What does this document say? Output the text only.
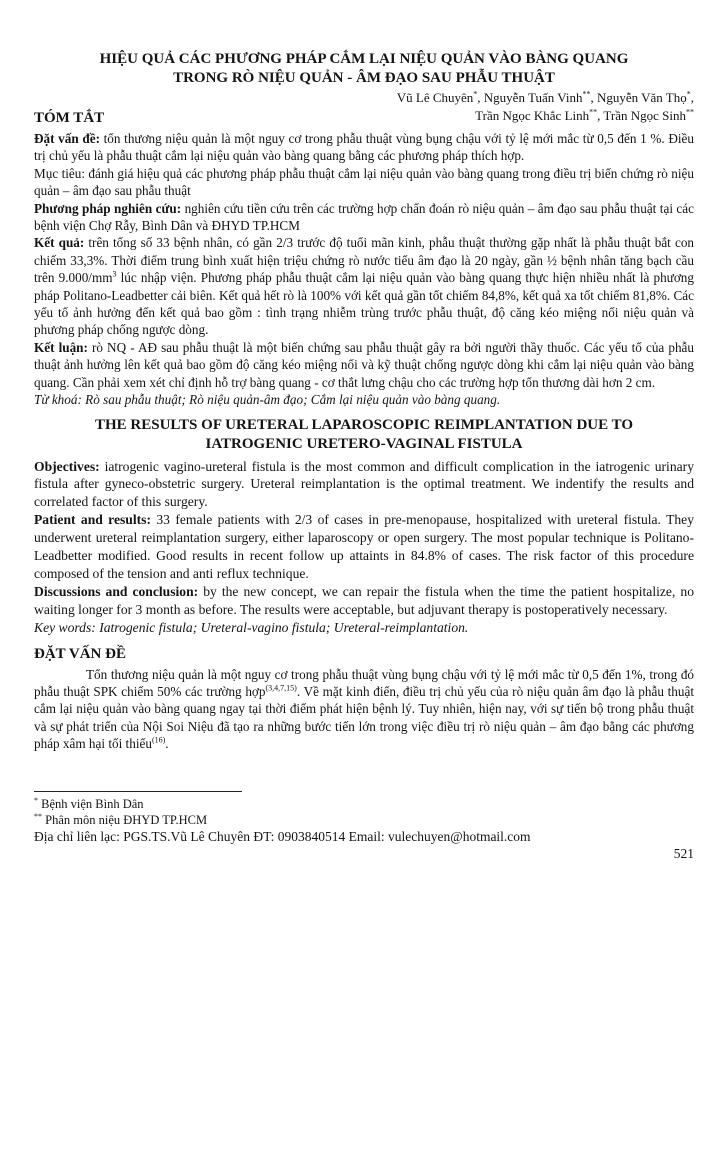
HIỆU QUẢ CÁC PHƯƠNG PHÁP CẮM LẠI NIỆU QUẢN VÀO BÀNG QUANG
TRONG RÒ NIỆU QUẢN - ÂM ĐẠO SAU PHẪU THUẬT
Vũ Lê Chuyên*, Nguyễn Tuấn Vinh**, Nguyễn Văn Thọ*,
Trần Ngọc Khắc Linh**, Trần Ngọc Sinh**
TÓM TẮT

Đặt vấn đề: tổn thương niệu quản là một nguy cơ trong phẫu thuật vùng bụng chậu với tỷ lệ mới mắc từ 0,5 đến 1 %. Điều trị chủ yếu là phẫu thuật cắm lại niệu quản vào bàng quang bằng các phương pháp thích hợp.

Mục tiêu: đánh giá hiệu quả các phương pháp phẫu thuật cắm lại niệu quản vào bàng quang trong điều trị biến chứng rò niệu quản – âm đạo sau phẫu thuật

Phương pháp nghiên cứu: nghiên cứu tiền cứu trên các trường hợp chẩn đoán rò niệu quản – âm đạo sau phẫu thuật tại các bệnh viện Chợ Rẫy, Bình Dân và ĐHYD TP.HCM

Kết quả: trên tổng số 33 bệnh nhân, có gần 2/3 trước độ tuổi mãn kinh, phẫu thuật thường gặp nhất là phẫu thuật bắt con chiếm 33,3%. Thời điểm trung bình xuất hiện triệu chứng rò nước tiểu âm đạo là 20 ngày, gần ½ bệnh nhân tăng bạch cầu trên $9.000/mm^3$ lúc nhập viện. Phương pháp phẫu thuật cắm lại niệu quản vào bàng quang thực hiện nhiều nhất là phương pháp Politano-Leadbetter cải biên. Kết quả hết rò là 100% với kết quả gần tốt chiếm 84,8%, kết quả xa tốt chiếm 81,8%. Các yếu tố ảnh hưởng đến kết quả bao gồm : tình trạng nhiễm trùng trước phẫu thuật, độ căng kéo miệng nối niệu quản và phương pháp chống ngược dòng.

Kết luận: rò NQ - AĐ sau phẫu thuật là một biến chứng sau phẫu thuật gây ra bởi người thầy thuốc. Các yếu tố của phẫu thuật ảnh hưởng lên kết quả bao gồm độ căng kéo miệng nối và kỹ thuật chống ngược dòng khi cắm lại niệu quản vào bàng quang. Cần phải xem xét chỉ định hỗ trợ bàng quang - cơ thắt lưng chậu cho các trường hợp tổn thương dài hơn 2 cm.

Từ khoá: Rò sau phẫu thuật; Rò niệu quản-âm đạo; Cắm lại niệu quản vào bàng quang.

THE RESULTS OF URETERAL LAPAROSCOPIC REIMPLANTATION DUE TO
IATROGENIC URETERO-VAGINAL FISTULA

Objectives: iatrogenic vagino-ureteral fistula is the most common and difficult complication in the iatrogenic urinary fistula after gyneco-obstetric surgery. Ureteral reimplantation is the optimal treatment. We indentify the results and correlated factor of this surgery.

Patient and results: 33 female patients with 2/3 of cases in pre-menopause, hospitalized with ureteral fistula. They underwent ureteral reimplantation surgery, either laparoscopy or open surgery. The most popular technique is Politano-Leadbetter modified. Good results in recent follow up attaints in 84.8% of cases. The risk factor of this procedure composed of the tension and anti reflux technique.

Discussions and conclusion: by the new concept, we can repair the fistula when the time the patient hospitalize, no waiting longer for 3 month as before. The results were acceptable, but adjuvant therapy is postoperatively necessary.

Key words: Iatrogenic fistula; Ureteral-vagino fistula; Ureteral-reimplantation.

ĐẶT VẤN ĐỀ

Tổn thương niệu quản là một nguy cơ trong phẫu thuật vùng bụng chậu với tỷ lệ mới mắc từ 0,5 đến 1%, trong đó phẫu thuật SPK chiếm 50% các trường hợp$^{(3,4,7,15)}$. Về mặt kinh điển, điều trị chủ yếu của rò niệu quản âm đạo là phẫu thuật cắm lại niệu quản vào bàng quang ngay tại thời điểm phát hiện bệnh lý. Tuy nhiên, hiện nay, với sự tiến bộ trong phẫu thuật và sự phát triển của Nội Soi Niệu đã tạo ra những bước tiến lớn trong việc điều trị rò niệu quản – âm đạo bằng các phương pháp xâm hại tối thiểu$^{(16)}$.

* Bệnh viện Bình Dân
** Phân môn niệu ĐHYD TP.HCM
Địa chỉ liên lạc: PGS.TS.Vũ Lê Chuyên ĐT: 0903840514 Email: vulechuyen@hotmail.com
521
